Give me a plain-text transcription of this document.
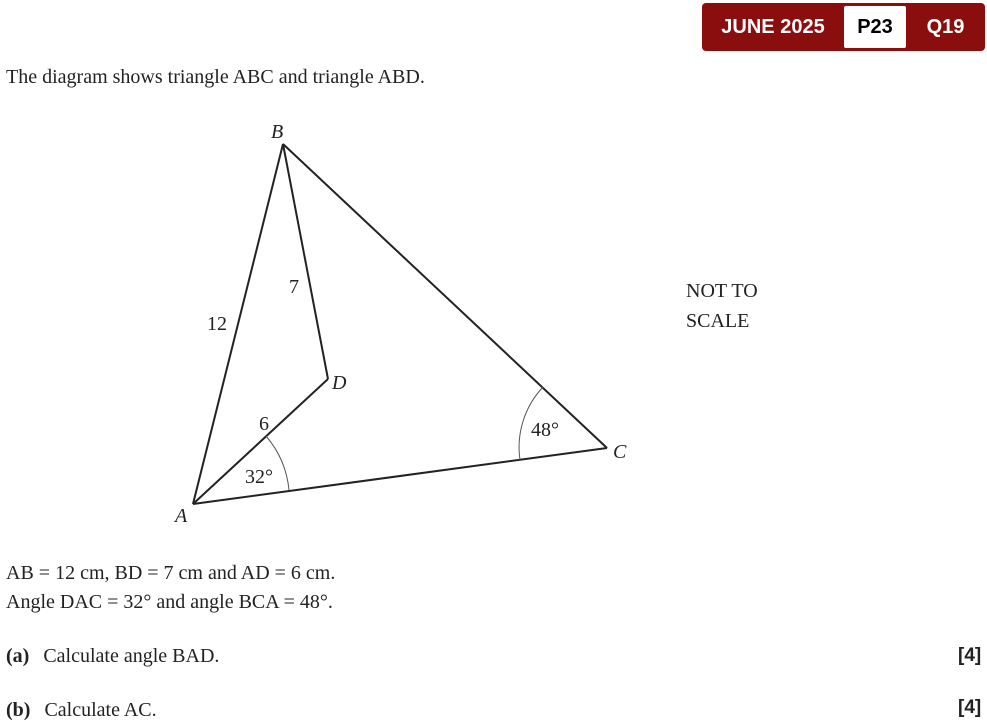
JUNE 2025	P23	Q19
The diagram shows triangle ABC and triangle ABD.
B
A
C
D
12
7
6
32°
48°
NOT TO
SCALE
AB = 12 cm, BD = 7 cm and AD = 6 cm.
Angle DAC = 32° and angle BCA = 48°.
(a) Calculate angle BAD.	[4]
(b) Calculate AC.	[4]
